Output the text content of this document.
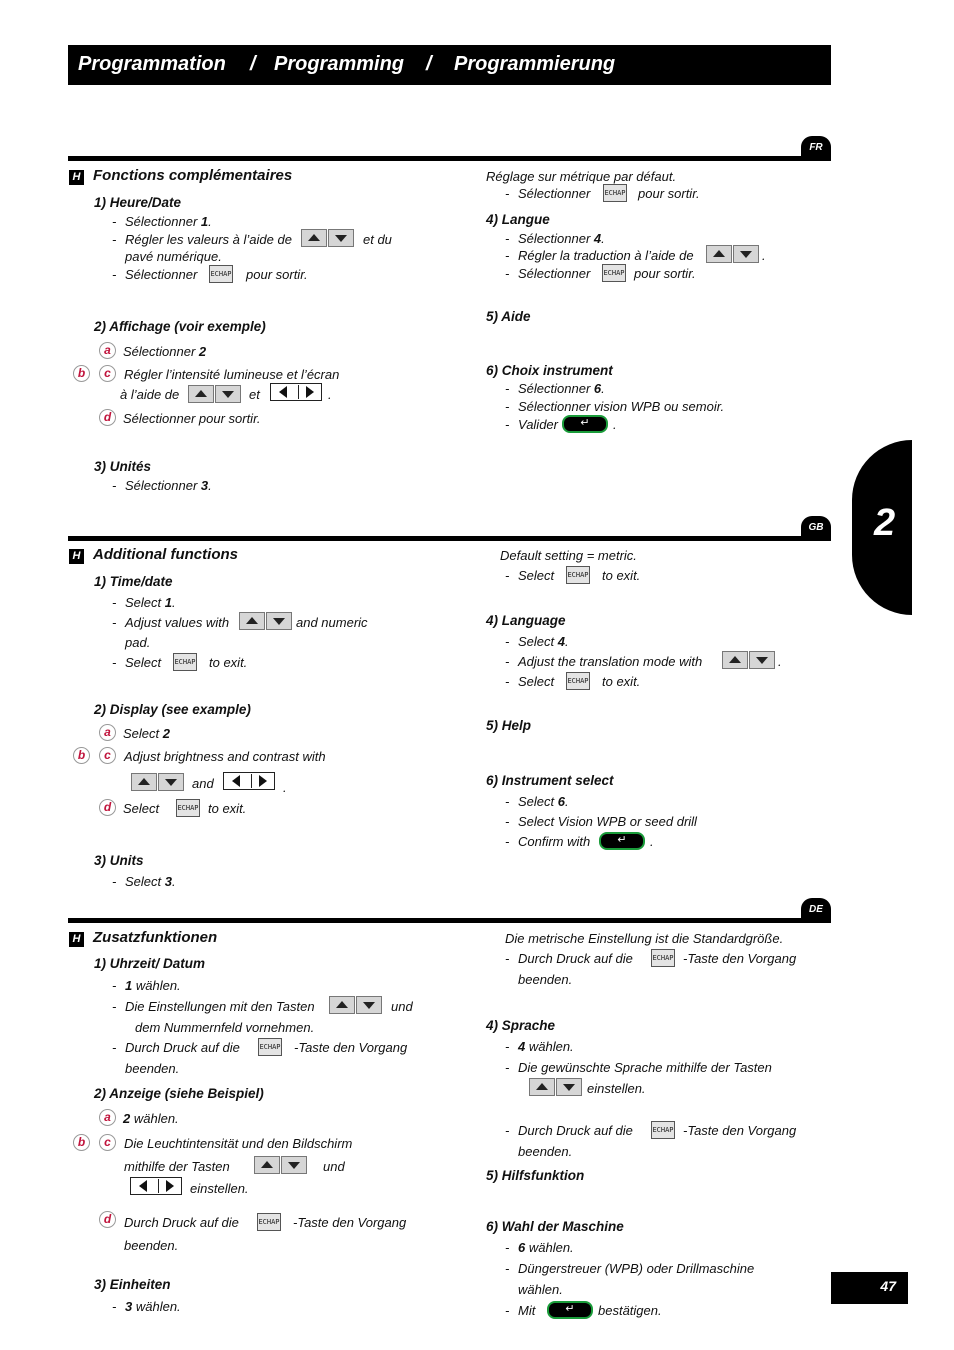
Programmation / Programming / Programmierung
2
FR
H Fonctions complémentaires
1) Heure/Date
- Sélectionner 1.
- Régler les valeurs à l’aide de	et du
pavé numérique.
- Sélectionner ECHAP pour sortir.
2) Affichage (voir exemple)
a Sélectionner 2
b	c	Régler l’intensité lumineuse et l’écran
à l’aide de	et	.
d Sélectionner pour sortir.
3) Unités
- Sélectionner 3.
Réglage sur métrique par défaut.
- Sélectionner ECHAP pour sortir.
4) Langue
- Sélectionner 4.
- Régler la traduction à l’aide de	.
- Sélectionner ECHAP pour sortir.
5) Aide
6) Choix instrument
- Sélectionner 6.
- Sélectionner vision WPB ou semoir.
- Valider	↵	.
GB
H Additional functions
1) Time/date
- Select 1.
- Adjust values with	and numeric
pad.
- Select ECHAP to exit.
2) Display (see example)
a Select 2
b	c	Adjust brightness and contrast with
and	.
d Select	ECHAP to exit.
3) Units
- Select 3.
Default setting = metric.
- Select ECHAP to exit.
4) Language
- Select 4.
- Adjust the translation mode with	.
- Select ECHAP to exit.
5) Help
6) Instrument select
- Select 6.
- Select Vision WPB or seed drill
- Confirm with	↵	.
DE
H Zusatzfunktionen
1) Uhrzeit/ Datum
- 1 wählen.
- Die Einstellungen mit den Tasten	und
dem Nummernfeld vornehmen.
- Durch Druck auf die	ECHAP -Taste den Vorgang
beenden.
2) Anzeige (siehe Beispiel)
a 2 wählen.
b	c	Die Leuchtintensität und den Bildschirm
mithilfe der Tasten	und
einstellen.
d Durch Druck auf die	ECHAP -Taste den Vorgang
beenden.
3) Einheiten
- 3 wählen.
Die metrische Einstellung ist die Standardgröße.
- Durch Druck auf die	ECHAP -Taste den Vorgang
beenden.
4) Sprache
- 4 wählen.
- Die gewünschte Sprache mithilfe der Tasten
einstellen.
- Durch Druck auf die	ECHAP -Taste den Vorgang
beenden.
5) Hilfsfunktion
6) Wahl der Maschine
- 6 wählen.
- Düngerstreuer (WPB) oder Drillmaschine
wählen.
- Mit	↵	bestätigen.
47
